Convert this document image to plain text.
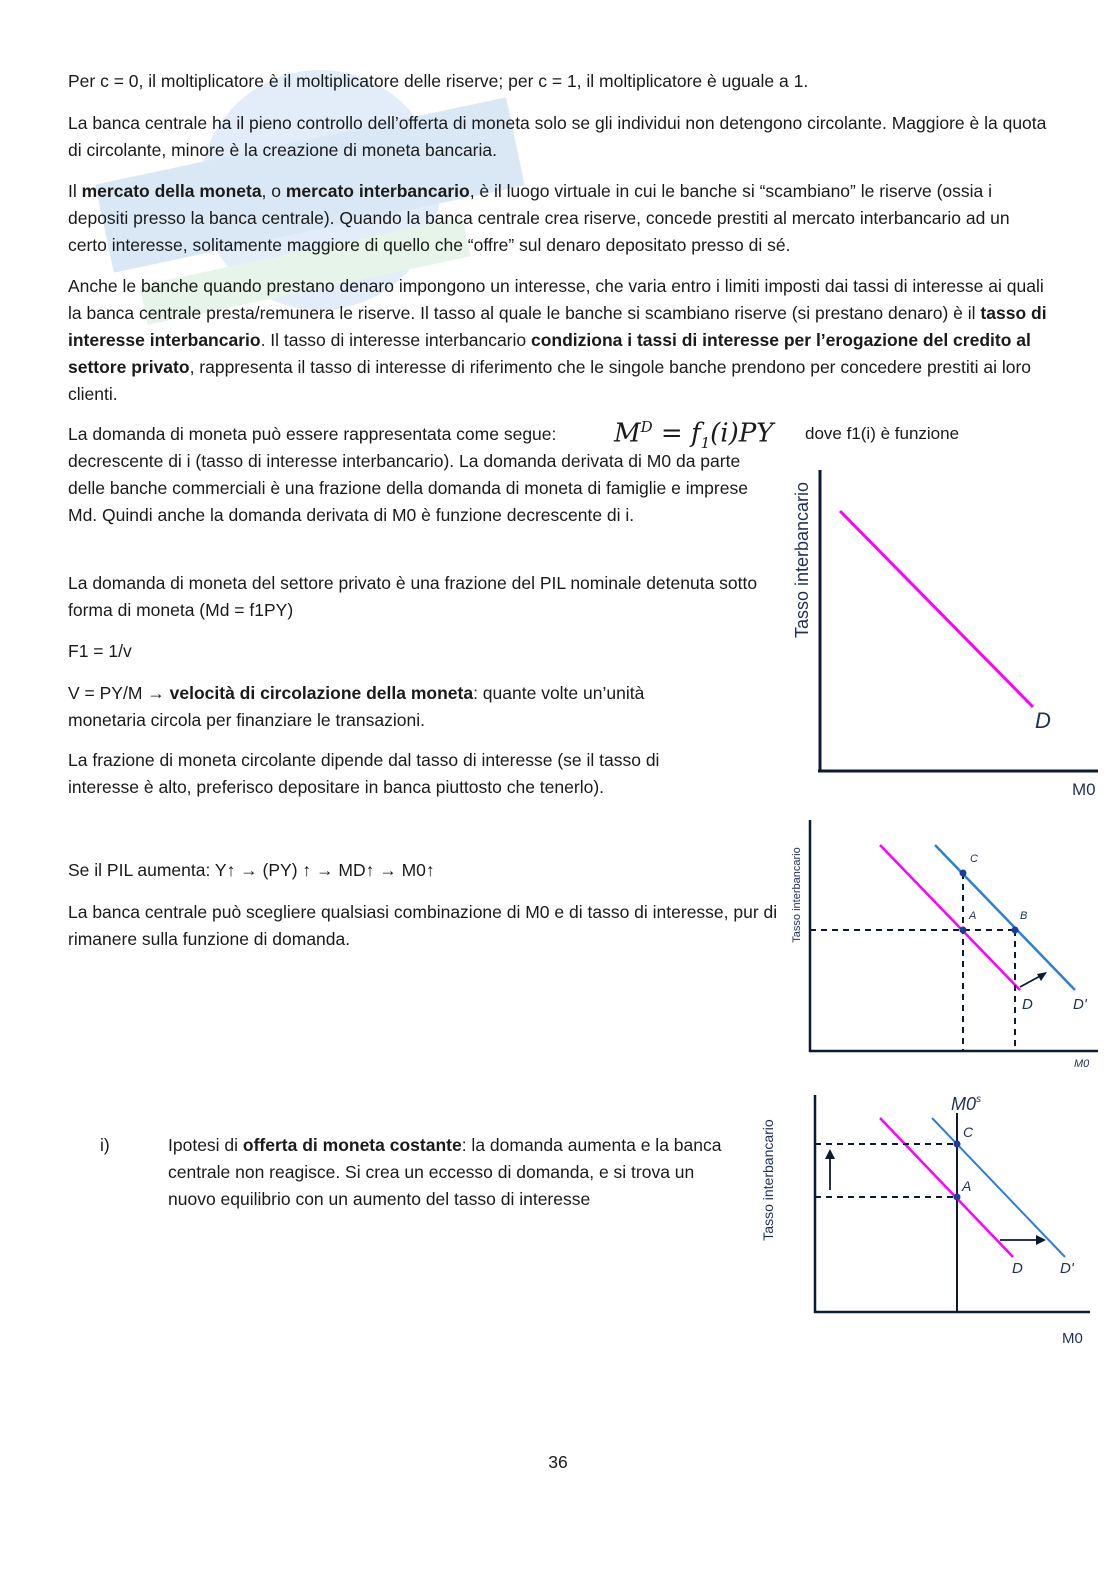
Per c = 0, il moltiplicatore è il moltiplicatore delle riserve; per c = 1, il moltiplicatore è uguale a 1.

La banca centrale ha il pieno controllo dell’offerta di moneta solo se gli individui non detengono circolante. Maggiore è la quota di circolante, minore è la creazione di moneta bancaria.

Il mercato della moneta, o mercato interbancario, è il luogo virtuale in cui le banche si “scambiano” le riserve (ossia i depositi presso la banca centrale). Quando la banca centrale crea riserve, concede prestiti al mercato interbancario ad un certo interesse, solitamente maggiore di quello che “offre” sul denaro depositato presso di sé.

Anche le banche quando prestano denaro impongono un interesse, che varia entro i limiti imposti dai tassi di interesse ai quali la banca centrale presta/remunera le riserve. Il tasso al quale le banche si scambiano riserve (si prestano denaro) è il tasso di interesse interbancario. Il tasso di interesse interbancario condiziona i tassi di interesse per l’erogazione del credito al settore privato, rappresenta il tasso di interesse di riferimento che le singole banche prendono per concedere prestiti ai loro clienti.

La domanda di moneta può essere rappresentata come segue:	$M^D = f_1(i)PY$ dove f1(i) è funzione

decrescente di i (tasso di interesse interbancario). La domanda derivata di M0 da parte delle banche commerciali è una frazione della domanda di moneta di famiglie e imprese Md. Quindi anche la domanda derivata di M0 è funzione decrescente di i.

La domanda di moneta del settore privato è una frazione del PIL nominale detenuta sotto forma di moneta (Md = f1PY)

F1 = 1/v

V = PY/M → velocità di circolazione della moneta: quante volte un’unità monetaria circola per finanziare le transazioni.

La frazione di moneta circolante dipende dal tasso di interesse (se il tasso di interesse è alto, preferisco depositare in banca piuttosto che tenerlo).

Se il PIL aumenta: Y↑ → (PY) ↑ → MD↑ → M0↑

La banca centrale può scegliere qualsiasi combinazione di M0 e di tasso di interesse, pur di rimanere sulla funzione di domanda.

i)	Ipotesi di offerta di moneta costante: la domanda aumenta e la banca centrale non reagisce. Si crea un eccesso di domanda, e si trova un nuovo equilibrio con un aumento del tasso di interesse

Tasso interbancario
M0
D
Tasso interbancario
M0
C
A	B
D	D'
Tasso interbancario
M0
M0$^s$
C
A
D D'
36
